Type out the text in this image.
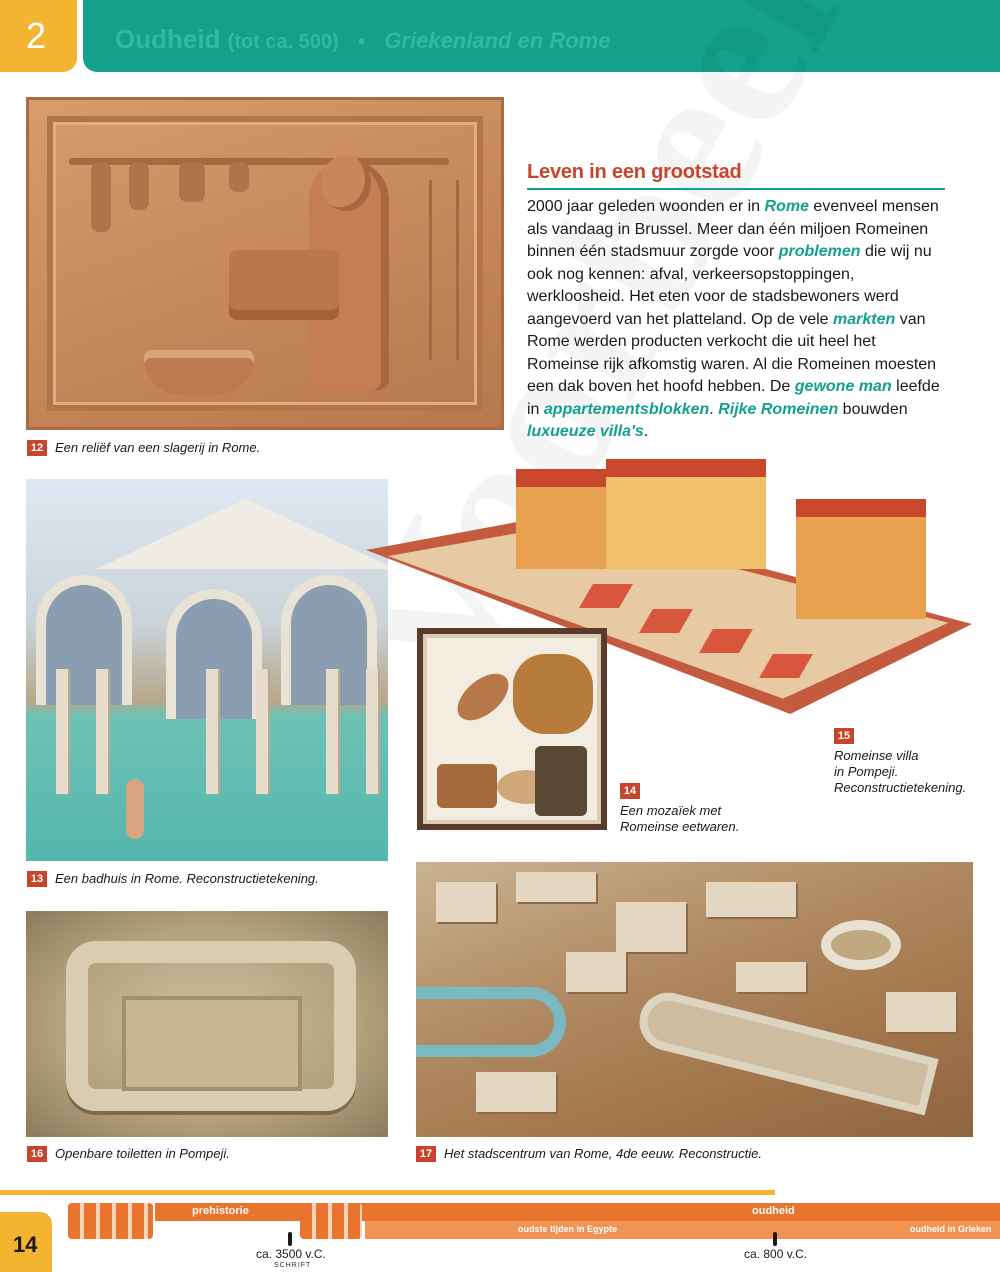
2	Oudheid (tot ca. 500) • Griekenland en Rome
12 Een reliëf van een slagerij in Rome.
Leven in een grootstad
2000 jaar geleden woonden er in Rome evenveel mensen als vandaag in Brussel. Meer dan één miljoen Romeinen binnen één stadsmuur zorgde voor problemen die wij nu ook nog kennen: afval, verkeersopstoppingen, werkloosheid. Het eten voor de stadsbewoners werd aangevoerd van het platteland. Op de vele markten van Rome werden producten verkocht die uit heel het Romeinse rijk afkomstig waren. Al die Romeinen moesten een dak boven het hoofd hebben. De gewone man leefde in appartementsblokken. Rijke Romeinen bouwden luxueuze villa's.
13 Een badhuis in Rome. Reconstructietekening.
15
Romeinse villa
in Pompeji.
Reconstructietekening.
14
Een mozaïek met
Romeinse eetwaren.
16 Openbare toiletten in Pompeji.	17 Het stadscentrum van Rome, 4de eeuw. Reconstructie.
prehistorie	oudheid
oudste tijden in Egypte	oudheid in Grieken
ca. 3500 v.C.
SCHRIFT
ca. 800 v.C.
14
